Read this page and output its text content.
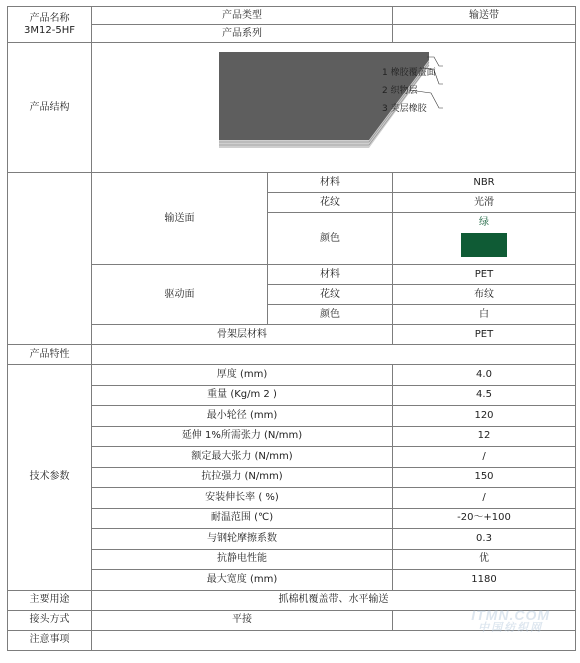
产品名称
3M12-5HF	产品类型		输送带
	产品系列		
产品结构	1 橡胶覆盖面
2 织物层
3 夹层橡胶		

	输送面	材料	NBR
		花纹	光滑
		颜色	绿

	驱动面	材料	PET
		花纹	布纹
		颜色	白
	骨架层材料		PET
产品特性			
技术参数	厚度 (mm)		4.0
	重量 (Kg/m 2 )		4.5
	最小轮径 (mm)		120
	延伸 1%所需张力 (N/mm)		12
	额定最大张力 (N/mm)		/
	抗拉强力 (N/mm)		150
	安装伸长率 ( %)		/
	耐温范围 (℃)		-20～+100
	与钢轮摩擦系数		0.3
	抗静电性能		优
	最大宽度 (mm)		1180
主要用途	抓棉机覆盖带、水平输送		
接头方式	平接		
注意事项			
ITMN.COM
中国纺织网
